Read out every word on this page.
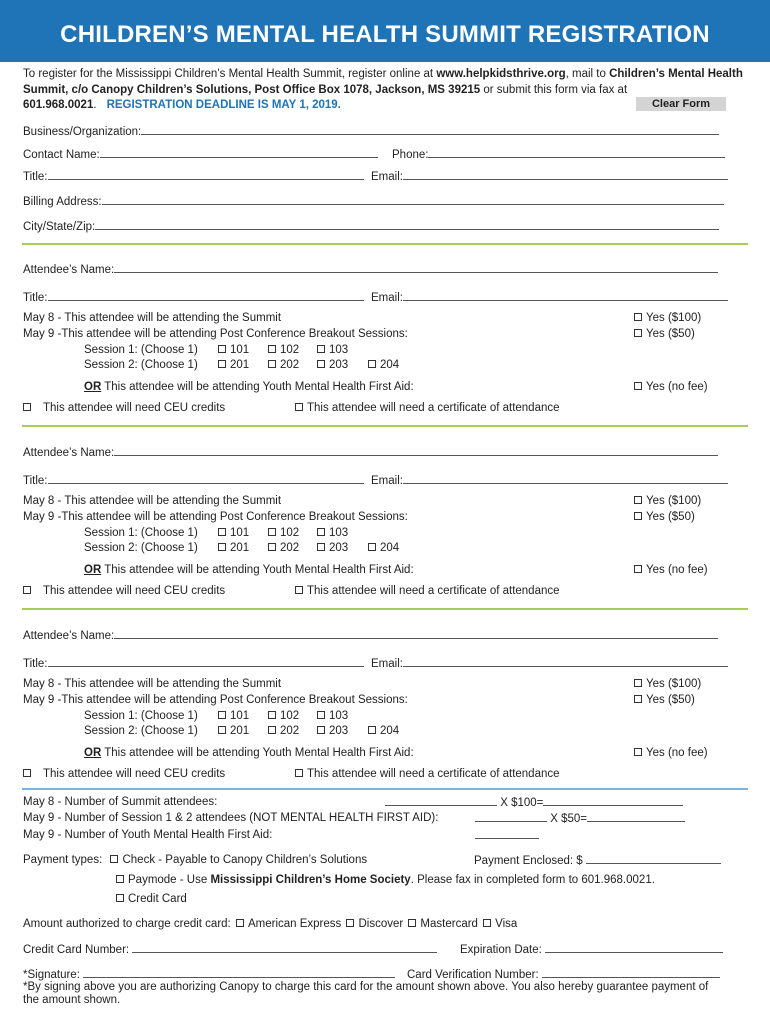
CHILDREN’S MENTAL HEALTH SUMMIT REGISTRATION
To register for the Mississippi Children’s Mental Health Summit, register online at www.helpkidsthrive.org, mail to Children’s Mental Health Summit, c/o Canopy Children’s Solutions, Post Office Box 1078, Jackson, MS 39215 or submit this form via fax at 601.968.0021. REGISTRATION DEADLINE IS MAY 1, 2019.	Clear Form
Business/Organization:
Contact Name:	Phone:
Title:	Email:
Billing Address:
City/State/Zip:
Attendee’s Name:
Title:	Email:
May 8 - This attendee will be attending the Summit
May 9 -This attendee will be attending Post Conference Breakout Sessions:
Yes ($100)
Yes ($50)
Session 1: (Choose 1)	101	102	103
Session 2: (Choose 1)	201	202	203	204
OR This attendee will be attending Youth Mental Health First Aid:	Yes (no fee)
This attendee will need CEU credits	This attendee will need a certificate of attendance
Attendee’s Name:
Title:	Email:
May 8 - This attendee will be attending the Summit
May 9 -This attendee will be attending Post Conference Breakout Sessions:
Yes ($100)
Yes ($50)
Session 1: (Choose 1)	101	102	103
Session 2: (Choose 1)	201	202	203	204
OR This attendee will be attending Youth Mental Health First Aid:	Yes (no fee)
This attendee will need CEU credits	This attendee will need a certificate of attendance
Attendee’s Name:
Title:	Email:
May 8 - This attendee will be attending the Summit
May 9 -This attendee will be attending Post Conference Breakout Sessions:
Yes ($100)
Yes ($50)
Session 1: (Choose 1)	101	102	103
Session 2: (Choose 1)	201	202	203	204
OR This attendee will be attending Youth Mental Health First Aid:	Yes (no fee)
This attendee will need CEU credits	This attendee will need a certificate of attendance
May 8 - Number of Summit attendees:	X $100=
May 9 - Number of Session 1 & 2 attendees (NOT MENTAL HEALTH FIRST AID):	X $50=
May 9 - Number of Youth Mental Health First Aid:
Payment types: Check - Payable to Canopy Children’s Solutions	Payment Enclosed: $
Paymode - Use Mississippi Children’s Home Society. Please fax in completed form to 601.968.0021.
Credit Card
Amount authorized to charge credit card: American Express Discover Mastercard Visa
Credit Card Number:	Expiration Date:
*Signature:	Card Verification Number:
*By signing above you are authorizing Canopy to charge this card for the amount shown above. You also hereby guarantee payment of the amount shown.
